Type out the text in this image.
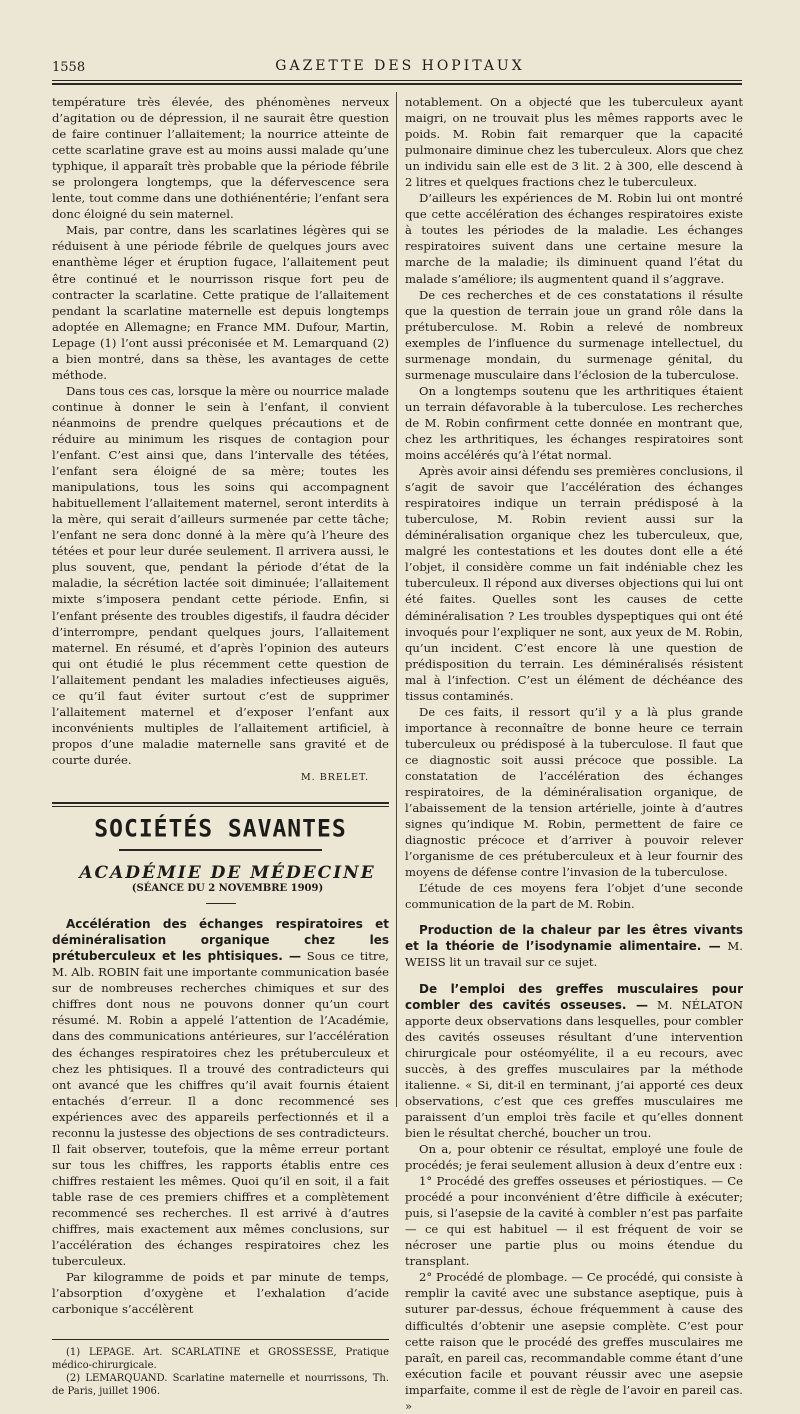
1558	GAZETTE DES HOPITAUX

température très élevée, des phénomènes nerveux d’agitation ou de dépression, il ne saurait être question de faire continuer l’allaitement; la nourrice atteinte de cette scarlatine grave est au moins aussi malade qu’une typhique, il apparaît très probable que la période fébrile se prolongera longtemps, que la défervescence sera lente, tout comme dans une dothiénentérie; l’enfant sera donc éloigné du sein maternel.

Mais, par contre, dans les scarlatines légères qui se réduisent à une période fébrile de quelques jours avec enanthème léger et éruption fugace, l’allaitement peut être continué et le nourrisson risque fort peu de contracter la scarlatine. Cette pratique de l’allaitement pendant la scarlatine maternelle est depuis longtemps adoptée en Allemagne; en France MM. Dufour, Martin, Lepage (1) l’ont aussi préconisée et M. Lemarquand (2) a bien montré, dans sa thèse, les avantages de cette méthode.

Dans tous ces cas, lorsque la mère ou nourrice malade continue à donner le sein à l’enfant, il convient néanmoins de prendre quelques précautions et de réduire au minimum les risques de contagion pour l’enfant. C’est ainsi que, dans l’intervalle des tétées, l’enfant sera éloigné de sa mère; toutes les manipulations, tous les soins qui accompagnent habituellement l’allaitement maternel, seront interdits à la mère, qui serait d’ailleurs surmenée par cette tâche; l’enfant ne sera donc donné à la mère qu’à l’heure des tétées et pour leur durée seulement. Il arrivera aussi, le plus souvent, que, pendant la période d’état de la maladie, la sécrétion lactée soit diminuée; l’allaitement mixte s’imposera pendant cette période. Enfin, si l’enfant présente des troubles digestifs, il faudra décider d’interrompre, pendant quelques jours, l’allaitement maternel. En résumé, et d’après l’opinion des auteurs qui ont étudié le plus récemment cette question de l’allaitement pendant les maladies infectieuses aiguës, ce qu’il faut éviter surtout c’est de supprimer l’allaitement maternel et d’exposer l’enfant aux inconvénients multiples de l’allaitement artificiel, à propos d’une maladie maternelle sans gravité et de courte durée.

M. BRELET.
SOCIÉTÉS SAVANTES

ACADÉMIE DE MÉDECINE

(SÉANCE DU 2 NOVEMBRE 1909)

Accélération des échanges respiratoires et déminéralisation organique chez les prétuberculeux et les phtisiques. — Sous ce titre, M. Alb. ROBIN fait une importante communication basée sur de nombreuses recherches chimiques et sur des chiffres dont nous ne pouvons donner qu’un court résumé. M. Robin a appelé l’attention de l’Académie, dans des communications antérieures, sur l’accélération des échanges respiratoires chez les prétuberculeux et chez les phtisiques. Il a trouvé des contradicteurs qui ont avancé que les chiffres qu’il avait fournis étaient entachés d’erreur. Il a donc recommencé ses expériences avec des appareils perfectionnés et il a reconnu la justesse des objections de ses contradicteurs. Il fait observer, toutefois, que la même erreur portant sur tous les chiffres, les rapports établis entre ces chiffres restaient les mêmes. Quoi qu’il en soit, il a fait table rase de ces premiers chiffres et a complètement recommencé ses recherches. Il est arrivé à d’autres chiffres, mais exactement aux mêmes conclusions, sur l’accélération des échanges respiratoires chez les tuberculeux.

Par kilogramme de poids et par minute de temps, l’absorption d’oxygène et l’exhalation d’acide carbonique s’accélèrent

(1) LEPAGE. Art. SCARLATINE et GROSSESSE, Pratique médico-chirurgicale.

(2) LEMARQUAND. Scarlatine maternelle et nourrissons, Th. de Paris, juillet 1906.

notablement. On a objecté que les tuberculeux ayant maigri, on ne trouvait plus les mêmes rapports avec le poids. M. Robin fait remarquer que la capacité pulmonaire diminue chez les tuberculeux. Alors que chez un individu sain elle est de 3 lit. 2 à 300, elle descend à 2 litres et quelques fractions chez le tuberculeux.

D’ailleurs les expériences de M. Robin lui ont montré que cette accélération des échanges respiratoires existe à toutes les périodes de la maladie. Les échanges respiratoires suivent dans une certaine mesure la marche de la maladie; ils diminuent quand l’état du malade s’améliore; ils augmentent quand il s’aggrave.

De ces recherches et de ces constatations il résulte que la question de terrain joue un grand rôle dans la prétuberculose. M. Robin a relevé de nombreux exemples de l’influence du surmenage intellectuel, du surmenage mondain, du surmenage génital, du surmenage musculaire dans l’éclosion de la tuberculose.

On a longtemps soutenu que les arthritiques étaient un terrain défavorable à la tuberculose. Les recherches de M. Robin confirment cette donnée en montrant que, chez les arthritiques, les échanges respiratoires sont moins accélérés qu’à l’état normal.

Après avoir ainsi défendu ses premières conclusions, il s’agit de savoir que l’accélération des échanges respiratoires indique un terrain prédisposé à la tuberculose, M. Robin revient aussi sur la déminéralisation organique chez les tuberculeux, que, malgré les contestations et les doutes dont elle a été l’objet, il considère comme un fait indéniable chez les tuberculeux. Il répond aux diverses objections qui lui ont été faites. Quelles sont les causes de cette déminéralisation ? Les troubles dyspeptiques qui ont été invoqués pour l’expliquer ne sont, aux yeux de M. Robin, qu’un incident. C’est encore là une question de prédisposition du terrain. Les déminéralisés résistent mal à l’infection. C’est un élément de déchéance des tissus contaminés.

De ces faits, il ressort qu’il y a là plus grande importance à reconnaître de bonne heure ce terrain tuberculeux ou prédisposé à la tuberculose. Il faut que ce diagnostic soit aussi précoce que possible. La constatation de l’accélération des échanges respiratoires, de la déminéralisation organique, de l’abaissement de la tension artérielle, jointe à d’autres signes qu’indique M. Robin, permettent de faire ce diagnostic précoce et d’arriver à pouvoir relever l’organisme de ces prétuberculeux et à leur fournir des moyens de défense contre l’invasion de la tuberculose.

L’étude de ces moyens fera l’objet d’une seconde communication de la part de M. Robin.

Production de la chaleur par les êtres vivants et la théorie de l’isodynamie alimentaire. — M. WEISS lit un travail sur ce sujet.

De l’emploi des greffes musculaires pour combler des cavités osseuses. — M. NÉLATON apporte deux observations dans lesquelles, pour combler des cavités osseuses résultant d’une intervention chirurgicale pour ostéomyélite, il a eu recours, avec succès, à des greffes musculaires par la méthode italienne. « Si, dit-il en terminant, j’ai apporté ces deux observations, c’est que ces greffes musculaires me paraissent d’un emploi très facile et qu’elles donnent bien le résultat cherché, boucher un trou.

On a, pour obtenir ce résultat, employé une foule de procédés; je ferai seulement allusion à deux d’entre eux :

1° Procédé des greffes osseuses et périostiques. — Ce procédé a pour inconvénient d’être difficile à exécuter; puis, si l’asepsie de la cavité à combler n’est pas parfaite — ce qui est habituel — il est fréquent de voir se nécroser une partie plus ou moins étendue du transplant.

2° Procédé de plombage. — Ce procédé, qui consiste à remplir la cavité avec une substance aseptique, puis à suturer par-dessus, échoue fréquemment à cause des difficultés d’obtenir une asepsie complète. C’est pour cette raison que le procédé des greffes musculaires me paraît, en pareil cas, recommandable comme étant d’une exécution facile et pouvant réussir avec une asepsie imparfaite, comme il est de règle de l’avoir en pareil cas. »
